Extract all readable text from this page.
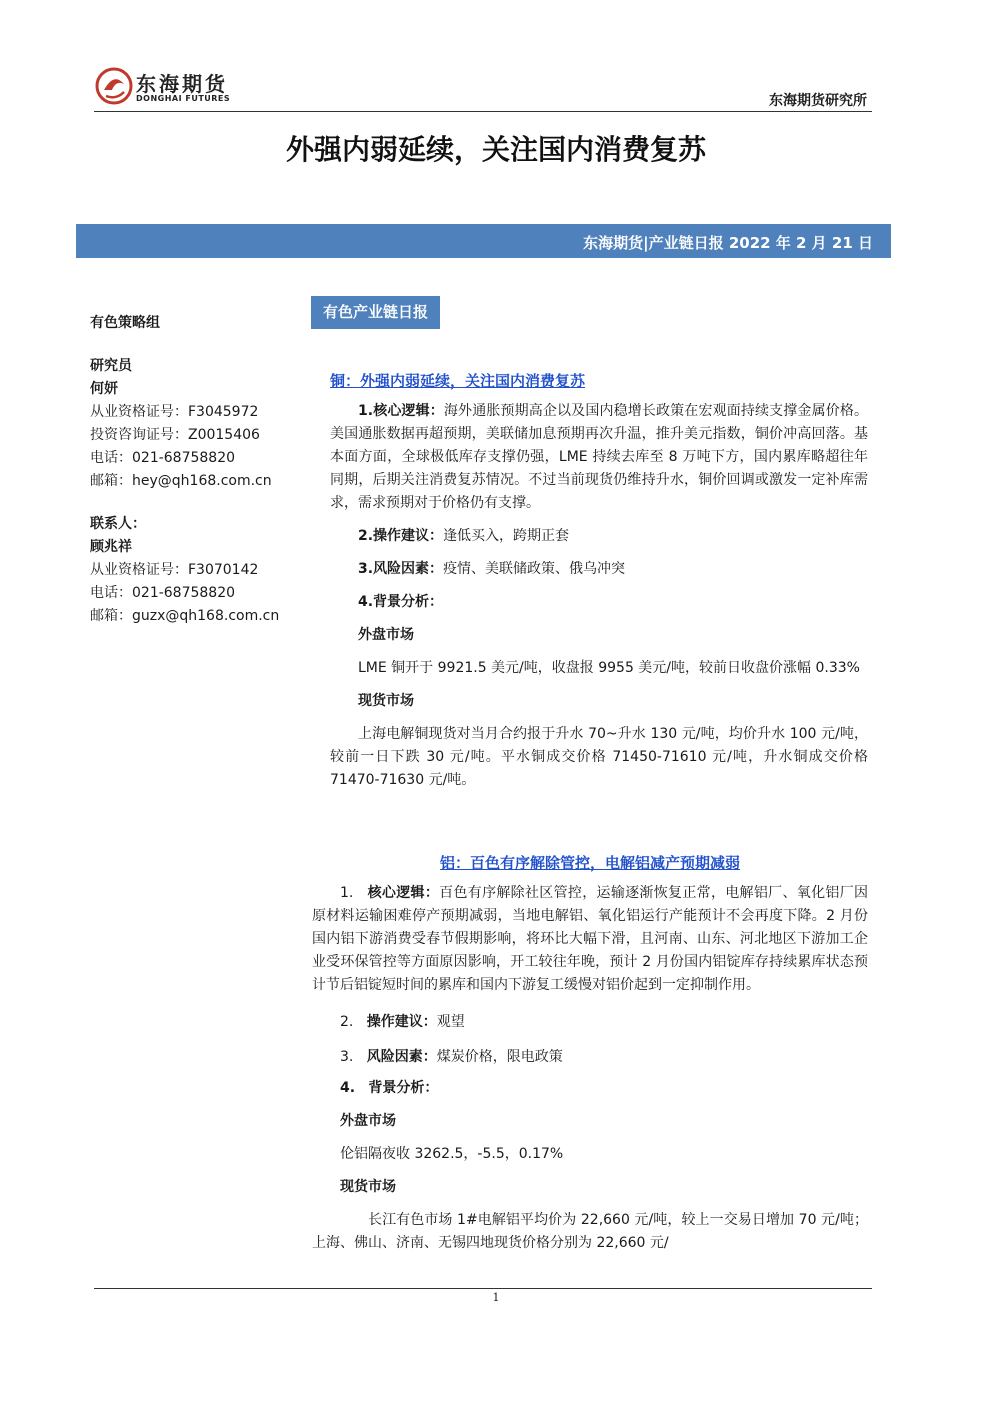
东海期货
DONGHAI FUTURES	东海期货研究所
外强内弱延续，关注国内消费复苏
东海期货|产业链日报 2022 年 2 月 21 日
有色策略组
研究员
何妍
从业资格证号：F3045972
投资咨询证号：Z0015406
电话：021-68758820
邮箱：hey@qh168.com.cn
联系人：
顾兆祥
从业资格证号：F3070142
电话：021-68758820
邮箱：guzx@qh168.com.cn
有色产业链日报

铜：外强内弱延续，关注国内消费复苏

1.核心逻辑：海外通胀预期高企以及国内稳增长政策在宏观面持续支撑金属价格。美国通胀数据再超预期，美联储加息预期再次升温，推升美元指数，铜价冲高回落。基本面方面，全球极低库存支撑仍强，LME 持续去库至 8 万吨下方，国内累库略超往年同期，后期关注消费复苏情况。不过当前现货仍维持升水，铜价回调或激发一定补库需求，需求预期对于价格仍有支撑。

2.操作建议：逢低买入，跨期正套

3.风险因素：疫情、美联储政策、俄乌冲突

4.背景分析：

外盘市场

LME 铜开于 9921.5 美元/吨，收盘报 9955 美元/吨，较前日收盘价涨幅 0.33%

现货市场

上海电解铜现货对当月合约报于升水 70~升水 130 元/吨，均价升水 100 元/吨，较前一日下跌 30 元/吨。平水铜成交价格 71450-71610 元/吨，升水铜成交价格 71470-71630 元/吨。

铝：百色有序解除管控，电解铝减产预期减弱

1. 核心逻辑：百色有序解除社区管控，运输逐渐恢复正常，电解铝厂、氧化铝厂因原材料运输困难停产预期减弱，当地电解铝、氧化铝运行产能预计不会再度下降。2 月份国内铝下游消费受春节假期影响，将环比大幅下滑，且河南、山东、河北地区下游加工企业受环保管控等方面原因影响，开工较往年晚，预计 2 月份国内铝锭库存持续累库状态预计节后铝锭短时间的累库和国内下游复工缓慢对铝价起到一定抑制作用。

2. 操作建议：观望

3. 风险因素：煤炭价格，限电政策

4. 背景分析：

外盘市场

伦铝隔夜收 3262.5，-5.5，0.17%

现货市场

长江有色市场 1#电解铝平均价为 22,660 元/吨，较上一交易日增加 70 元/吨；上海、佛山、济南、无锡四地现货价格分别为 22,660 元/

1
